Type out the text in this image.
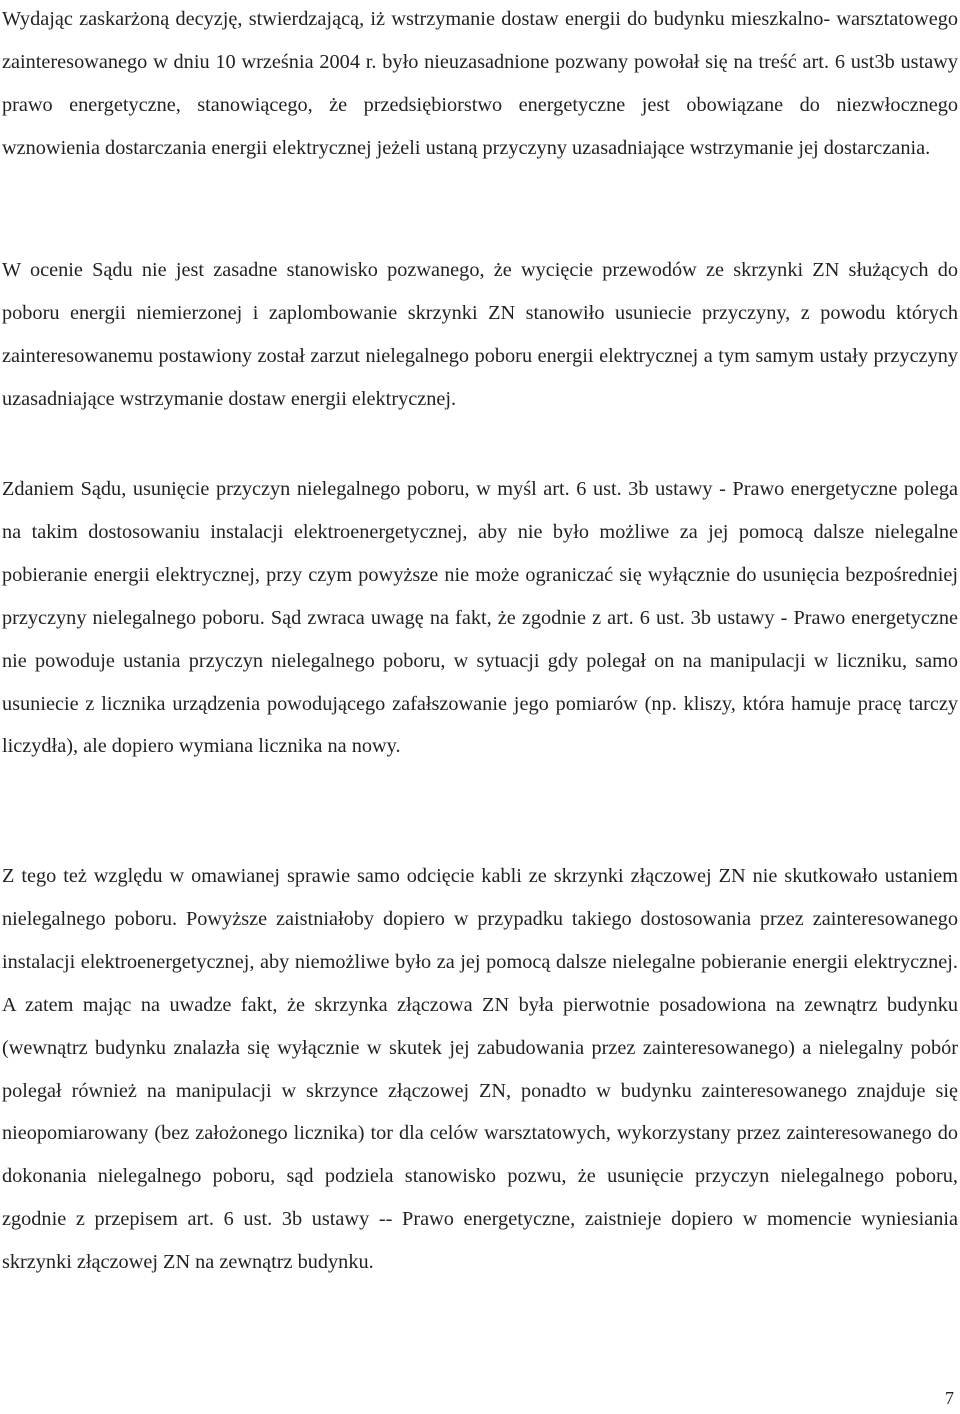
Wydając zaskarżoną decyzję, stwierdzającą, iż wstrzymanie dostaw energii do budynku mieszkalno- warsztatowego zainteresowanego w dniu 10 września 2004 r. było nieuzasadnione pozwany powołał się na treść art. 6 ust3b ustawy prawo energetyczne, stanowiącego, że przedsiębiorstwo energetyczne jest obowiązane do niezwłocznego wznowienia dostarczania energii elektrycznej jeżeli ustaną przyczyny uzasadniające wstrzymanie jej dostarczania.

W ocenie Sądu nie jest zasadne stanowisko pozwanego, że wycięcie przewodów ze skrzynki ZN służących do poboru energii niemierzonej i zaplombowanie skrzynki ZN stanowiło usuniecie przyczyny, z powodu których zainteresowanemu postawiony został zarzut nielegalnego poboru energii elektrycznej a tym samym ustały przyczyny uzasadniające wstrzymanie dostaw energii elektrycznej.

Zdaniem Sądu, usunięcie przyczyn nielegalnego poboru, w myśl art. 6 ust. 3b ustawy - Prawo energetyczne polega na takim dostosowaniu instalacji elektroenergetycznej, aby nie było możliwe za jej pomocą dalsze nielegalne pobieranie energii elektrycznej, przy czym powyższe nie może ograniczać się wyłącznie do usunięcia bezpośredniej przyczyny nielegalnego poboru. Sąd zwraca uwagę na fakt, że zgodnie z art. 6 ust. 3b ustawy - Prawo energetyczne nie powoduje ustania przyczyn nielegalnego poboru, w sytuacji gdy polegał on na manipulacji w liczniku, samo usuniecie z licznika urządzenia powodującego zafałszowanie jego pomiarów (np. kliszy, która hamuje pracę tarczy liczydła), ale dopiero wymiana licznika na nowy.

Z tego też względu w omawianej sprawie samo odcięcie kabli ze skrzynki złączowej ZN nie skutkowało ustaniem nielegalnego poboru. Powyższe zaistniałoby dopiero w przypadku takiego dostosowania przez zainteresowanego instalacji elektroenergetycznej, aby niemożliwe było za jej pomocą dalsze nielegalne pobieranie energii elektrycznej. A zatem mając na uwadze fakt, że skrzynka złączowa ZN była pierwotnie posadowiona na zewnątrz budynku (wewnątrz budynku znalazła się wyłącznie w skutek jej zabudowania przez zainteresowanego) a nielegalny pobór polegał również na manipulacji w skrzynce złączowej ZN, ponadto w budynku zainteresowanego znajduje się nieopomiarowany (bez założonego licznika) tor dla celów warsztatowych, wykorzystany przez zainteresowanego do dokonania nielegalnego poboru, sąd podziela stanowisko pozwu, że usunięcie przyczyn nielegalnego poboru, zgodnie z przepisem art. 6 ust. 3b ustawy -- Prawo energetyczne, zaistnieje dopiero w momencie wyniesiania skrzynki złączowej ZN na zewnątrz budynku.

7
